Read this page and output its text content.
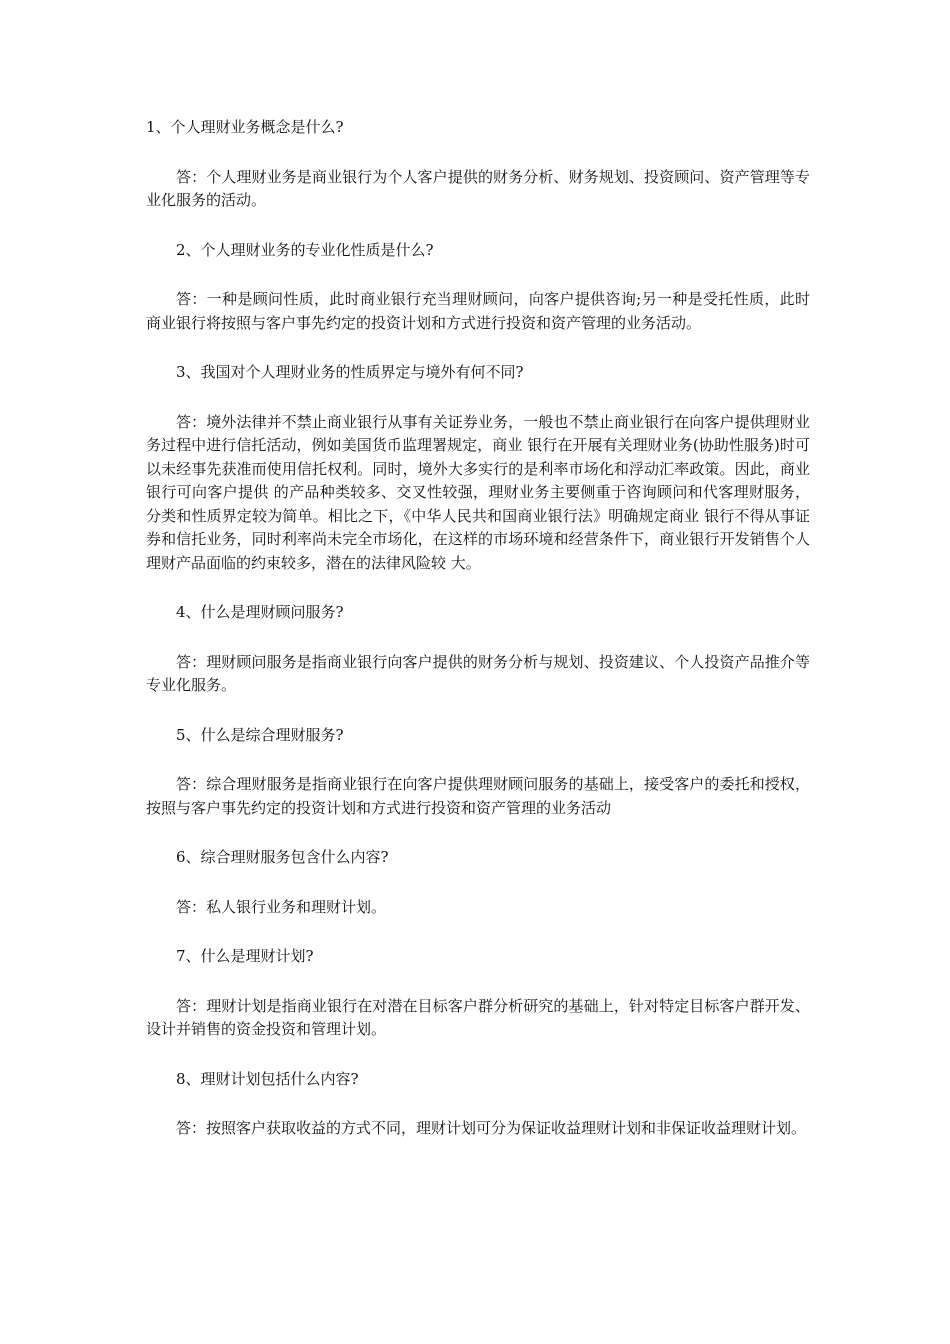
1、个人理财业务概念是什么?

答：个人理财业务是商业银行为个人客户提供的财务分析、财务规划、投资顾问、资产管理等专业化服务的活动。

2、个人理财业务的专业化性质是什么?

答：一种是顾问性质，此时商业银行充当理财顾问，向客户提供咨询;另一种是受托性质，此时商业银行将按照与客户事先约定的投资计划和方式进行投资和资产管理的业务活动。

3、我国对个人理财业务的性质界定与境外有何不同?

答：境外法律并不禁止商业银行从事有关证券业务，一般也不禁止商业银行在向客户提供理财业务过程中进行信托活动，例如美国货币监理署规定，商业 银行在开展有关理财业务(协助性服务)时可以未经事先获准而使用信托权利。同时，境外大多实行的是利率市场化和浮动汇率政策。因此，商业银行可向客户提供 的产品种类较多、交叉性较强，理财业务主要侧重于咨询顾问和代客理财服务，分类和性质界定较为简单。相比之下，《中华人民共和国商业银行法》明确规定商业 银行不得从事证券和信托业务，同时利率尚未完全市场化，在这样的市场环境和经营条件下，商业银行开发销售个人理财产品面临的约束较多，潜在的法律风险较 大。

4、什么是理财顾问服务?

答：理财顾问服务是指商业银行向客户提供的财务分析与规划、投资建议、个人投资产品推介等专业化服务。

5、什么是综合理财服务?

答：综合理财服务是指商业银行在向客户提供理财顾问服务的基础上，接受客户的委托和授权，按照与客户事先约定的投资计划和方式进行投资和资产管理的业务活动

6、综合理财服务包含什么内容?

答：私人银行业务和理财计划。

7、什么是理财计划?

答：理财计划是指商业银行在对潜在目标客户群分析研究的基础上，针对特定目标客户群开发、设计并销售的资金投资和管理计划。

8、理财计划包括什么内容?

答：按照客户获取收益的方式不同，理财计划可分为保证收益理财计划和非保证收益理财计划。
